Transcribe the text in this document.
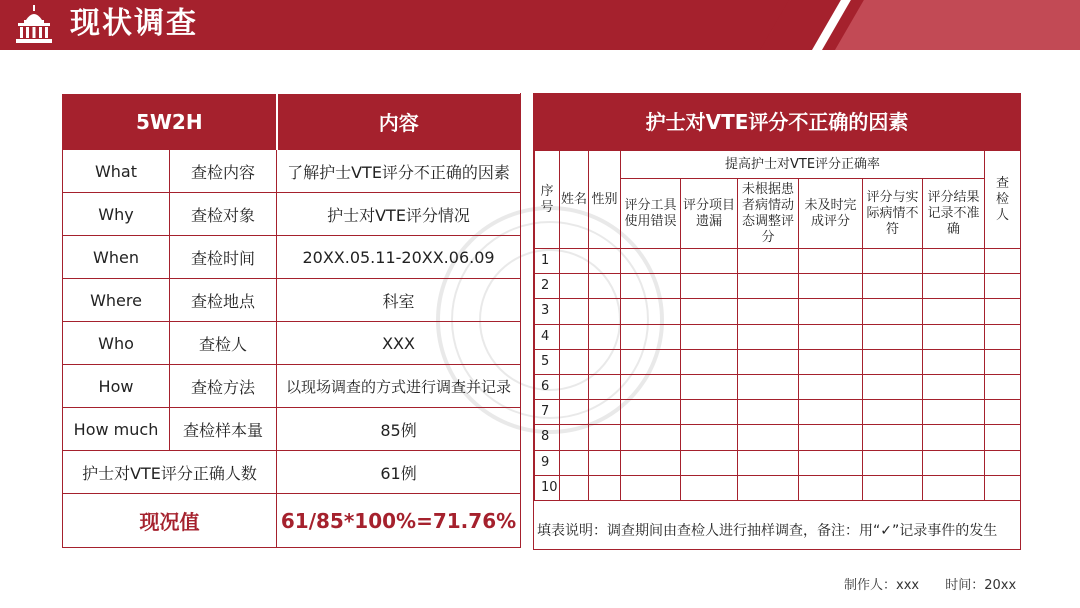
现状调查
5W2H		内容
What	查检内容	了解护士VTE评分不正确的因素
Why	查检对象	护士对VTE评分情况
When	查检时间	20XX.05.11-20XX.06.09
Where	查检地点	科室
Who	查检人	XXX
How	查检方法	以现场调查的方式进行调查并记录
How much	查检样本量	85例
护士对VTE评分正确人数		61例
现况值		61/85*100%=71.76%
护士对VTE评分不正确的因素
序号	姓名	性别	提高护士对VTE评分正确率						查检人
			评分工具使用错误	评分项目遗漏	未根据患者病情动态调整评分	未及时完成评分	评分与实际病情不符	评分结果记录不准确	
1									
2									
3									
4									
5									
6									
7									
8									
9									
10									
填表说明：调查期间由查检人进行抽样调查，备注：用“✓”记录事件的发生
制作人：xxx 时间：20xx
